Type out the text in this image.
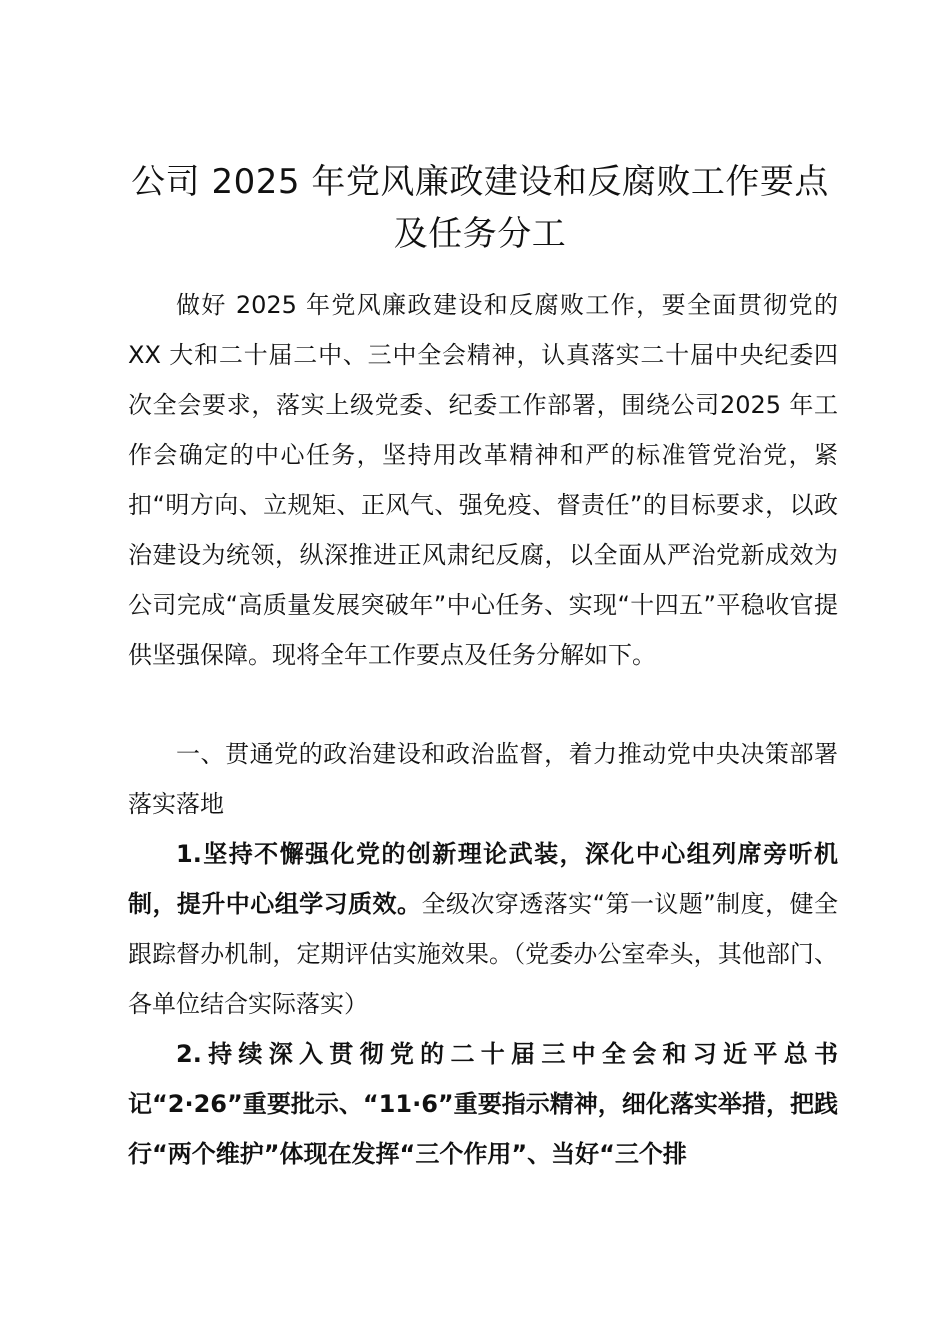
公司 2025 年党风廉政建设和反腐败工作要点
及任务分工

做好 2025 年党风廉政建设和反腐败工作，要全面贯彻党的 XX 大和二十届二中、三中全会精神，认真落实二十届中央纪委四次全会要求，落实上级党委、纪委工作部署，围绕公司2025 年工作会确定的中心任务，坚持用改革精神和严的标准管党治党，紧扣“明方向、立规矩、正风气、强免疫、督责任”的目标要求，以政治建设为统领，纵深推进正风肃纪反腐，以全面从严治党新成效为公司完成“高质量发展突破年”中心任务、实现“十四五”平稳收官提供坚强保障。现将全年工作要点及任务分解如下。

一、贯通党的政治建设和政治监督，着力推动党中央决策部署落实落地

1.坚持不懈强化党的创新理论武装，深化中心组列席旁听机制，提升中心组学习质效。全级次穿透落实“第一议题”制度，健全跟踪督办机制，定期评估实施效果。（党委办公室牵头，其他部门、各单位结合实际落实）

2.持续深入贯彻党的二十届三中全会和习近平总书记“2·26”重要批示、“11·6”重要指示精神，细化落实举措，把践行“两个维护”体现在发挥“三个作用”、当好“三个排
